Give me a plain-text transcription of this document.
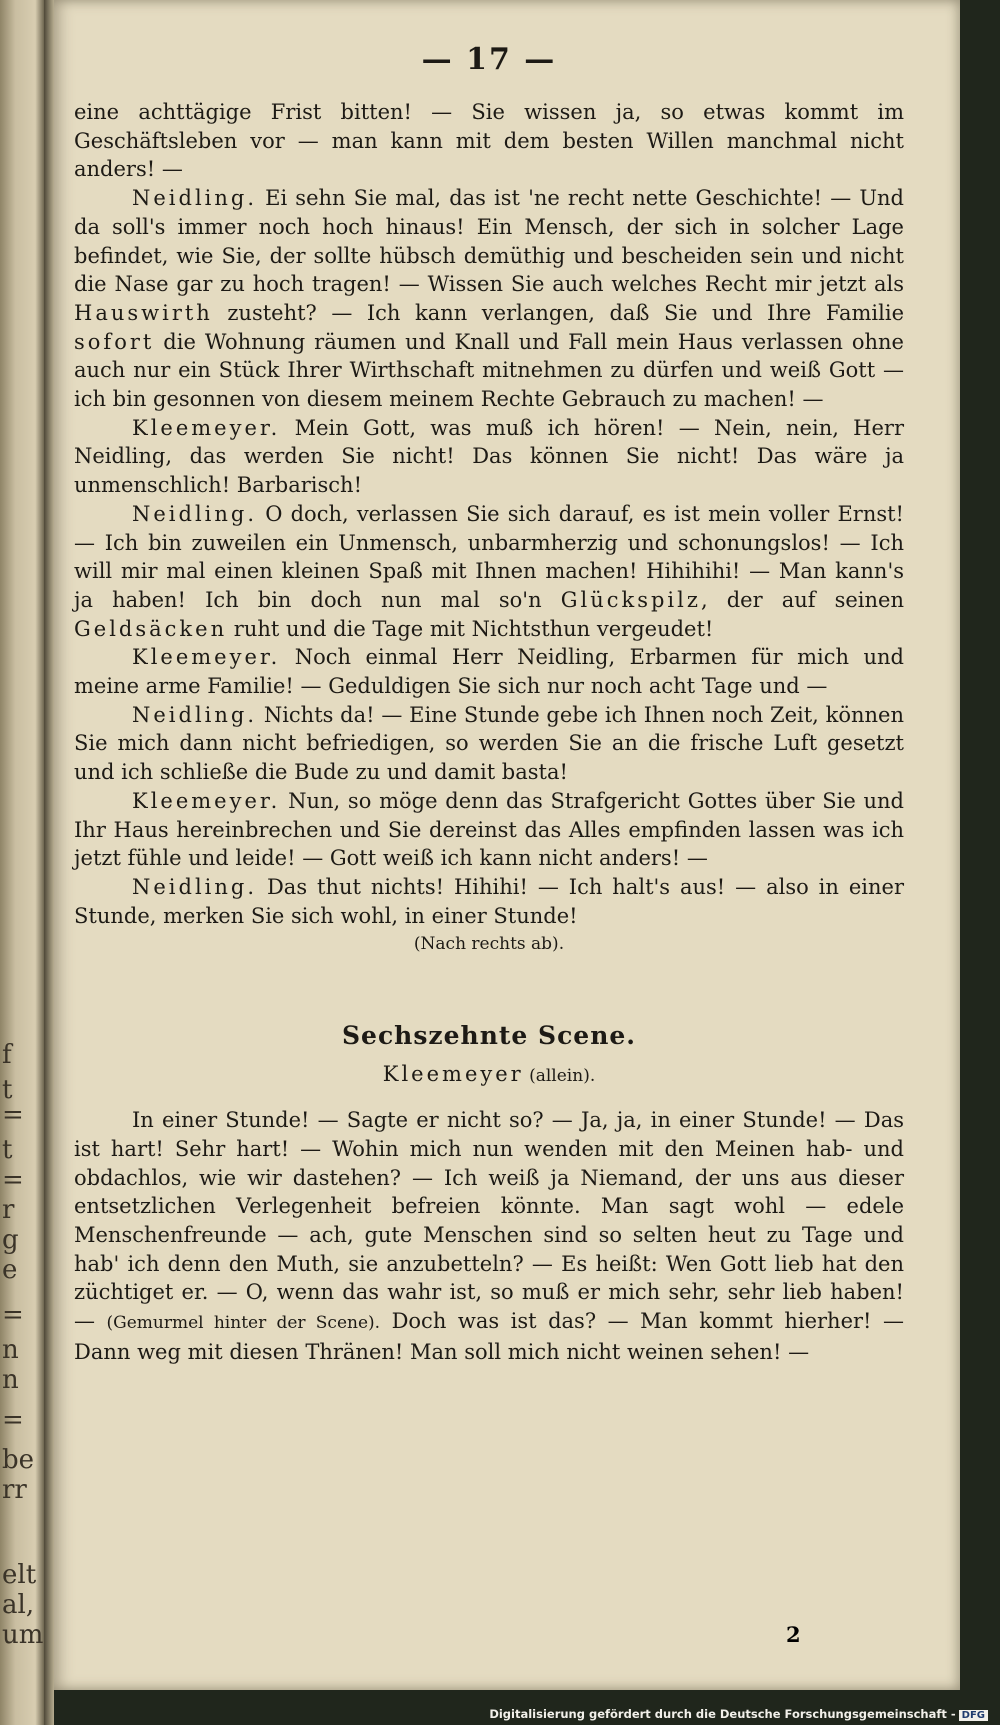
f
t
=
t
=
r
g
e
=
n
n
=
be
rr
elt
al,
um
— 17 —

eine achttägige Frist bitten! — Sie wissen ja, so etwas kommt im Geschäftsleben vor — man kann mit dem besten Willen manchmal nicht anders! —

Neidling. Ei sehn Sie mal, das ist 'ne recht nette Geschichte! — Und da soll's immer noch hoch hinaus! Ein Mensch, der sich in solcher Lage befindet, wie Sie, der sollte hübsch demüthig und bescheiden sein und nicht die Nase gar zu hoch tragen! — Wissen Sie auch welches Recht mir jetzt als Hauswirth zusteht? — Ich kann verlangen, daß Sie und Ihre Familie sofort die Wohnung räumen und Knall und Fall mein Haus verlassen ohne auch nur ein Stück Ihrer Wirthschaft mitnehmen zu dürfen und weiß Gott — ich bin gesonnen von diesem meinem Rechte Gebrauch zu machen! —

Kleemeyer. Mein Gott, was muß ich hören! — Nein, nein, Herr Neidling, das werden Sie nicht! Das können Sie nicht! Das wäre ja unmenschlich! Barbarisch!

Neidling. O doch, verlassen Sie sich darauf, es ist mein voller Ernst! — Ich bin zuweilen ein Unmensch, unbarmherzig und schonungslos! — Ich will mir mal einen kleinen Spaß mit Ihnen machen! Hihihihi! — Man kann's ja haben! Ich bin doch nun mal so'n Glückspilz, der auf seinen Geldsäcken ruht und die Tage mit Nichtsthun vergeudet!

Kleemeyer. Noch einmal Herr Neidling, Erbarmen für mich und meine arme Familie! — Geduldigen Sie sich nur noch acht Tage und —

Neidling. Nichts da! — Eine Stunde gebe ich Ihnen noch Zeit, können Sie mich dann nicht befriedigen, so werden Sie an die frische Luft gesetzt und ich schließe die Bude zu und damit basta!

Kleemeyer. Nun, so möge denn das Strafgericht Gottes über Sie und Ihr Haus hereinbrechen und Sie dereinst das Alles empfinden lassen was ich jetzt fühle und leide! — Gott weiß ich kann nicht anders! —

Neidling. Das thut nichts! Hihihi! — Ich halt's aus! — also in einer Stunde, merken Sie sich wohl, in einer Stunde!

(Nach rechts ab).

Sechszehnte Scene.
Kleemeyer (allein).

In einer Stunde! — Sagte er nicht so? — Ja, ja, in einer Stunde! — Das ist hart! Sehr hart! — Wohin mich nun wenden mit den Meinen hab- und obdachlos, wie wir dastehen? — Ich weiß ja Niemand, der uns aus dieser entsetzlichen Verlegenheit befreien könnte. Man sagt wohl — edele Menschenfreunde — ach, gute Menschen sind so selten heut zu Tage und hab' ich denn den Muth, sie anzubetteln? — Es heißt: Wen Gott lieb hat den züchtiget er. — O, wenn das wahr ist, so muß er mich sehr, sehr lieb haben! — (Gemurmel hinter der Scene). Doch was ist das? — Man kommt hierher! — Dann weg mit diesen Thränen! Man soll mich nicht weinen sehen! —

2
Digitalisierung gefördert durch die Deutsche Forschungsgemeinschaft - DFG
